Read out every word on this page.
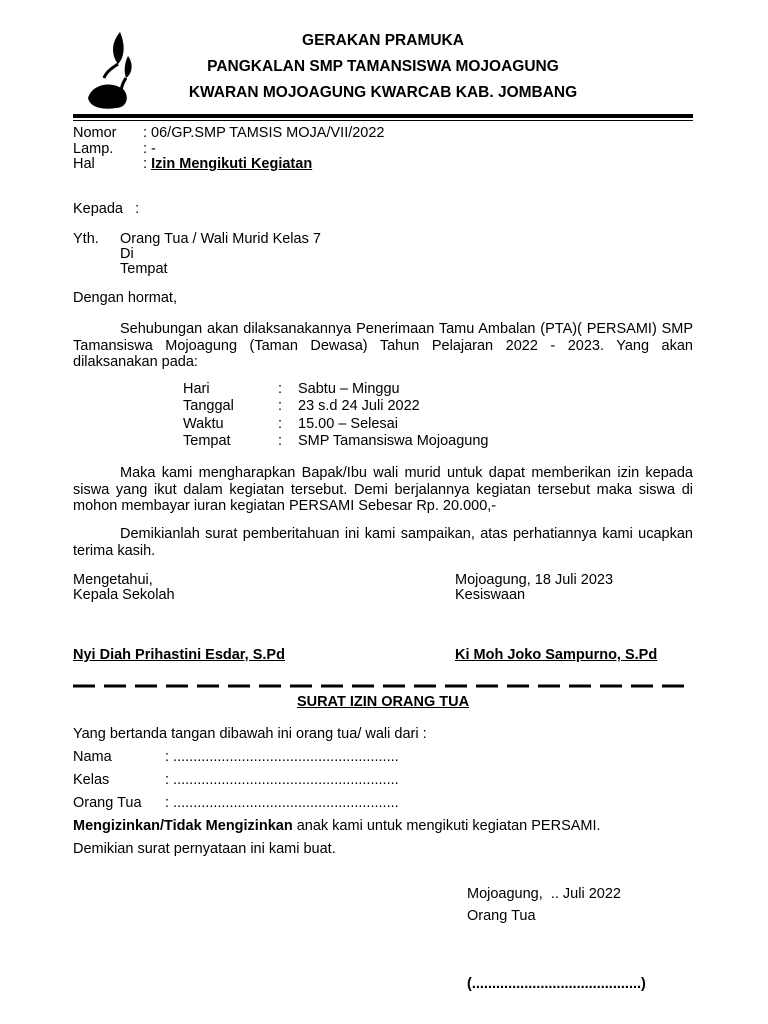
GERAKAN PRAMUKA
PANGKALAN SMP TAMANSISWA MOJOAGUNG
KWARAN MOJOAGUNG KWARCAB KAB. JOMBANG
Nomor : 06/GP.SMP TAMSIS MOJA/VII/2022
Lamp. : -
Hal	: Izin Mengikuti Kegiatan
Kepada   :
Yth. Orang Tua / Wali Murid Kelas 7
Di
Tempat
Dengan hormat,
Sehubungan akan dilaksanakannya Penerimaan Tamu Ambalan (PTA)( PERSAMI) SMP Tamansiswa Mojoagung (Taman Dewasa) Tahun Pelajaran 2022 - 2023. Yang akan dilaksanakan pada:
Hari	: Sabtu – Minggu
Tanggal	: 23 s.d 24 Juli 2022
Waktu	: 15.00 – Selesai
Tempat	: SMP Tamansiswa Mojoagung
Maka kami mengharapkan Bapak/Ibu wali murid untuk dapat memberikan izin kepada siswa yang ikut dalam kegiatan tersebut. Demi berjalannya kegiatan tersebut maka siswa di mohon membayar iuran kegiatan PERSAMI Sebesar Rp. 20.000,-
Demikianlah surat pemberitahuan ini kami sampaikan, atas perhatiannya kami ucapkan terima kasih.
Mengetahui,
Kepala Sekolah
Nyi Diah Prihastini Esdar, S.Pd
Mojoagung, 18 Juli 2023
Kesiswaan
Ki Moh Joko Sampurno, S.Pd
SURAT IZIN ORANG TUA
Yang bertanda tangan dibawah ini orang tua/ wali dari :
Nama	: ........................................................
Kelas	: ........................................................
Orang Tua : ........................................................
Mengizinkan/Tidak Mengizinkan anak kami untuk mengikuti kegiatan PERSAMI.
Demikian surat pernyataan ini kami buat.
Mojoagung,  .. Juli 2022
Orang Tua
(..........................................)
